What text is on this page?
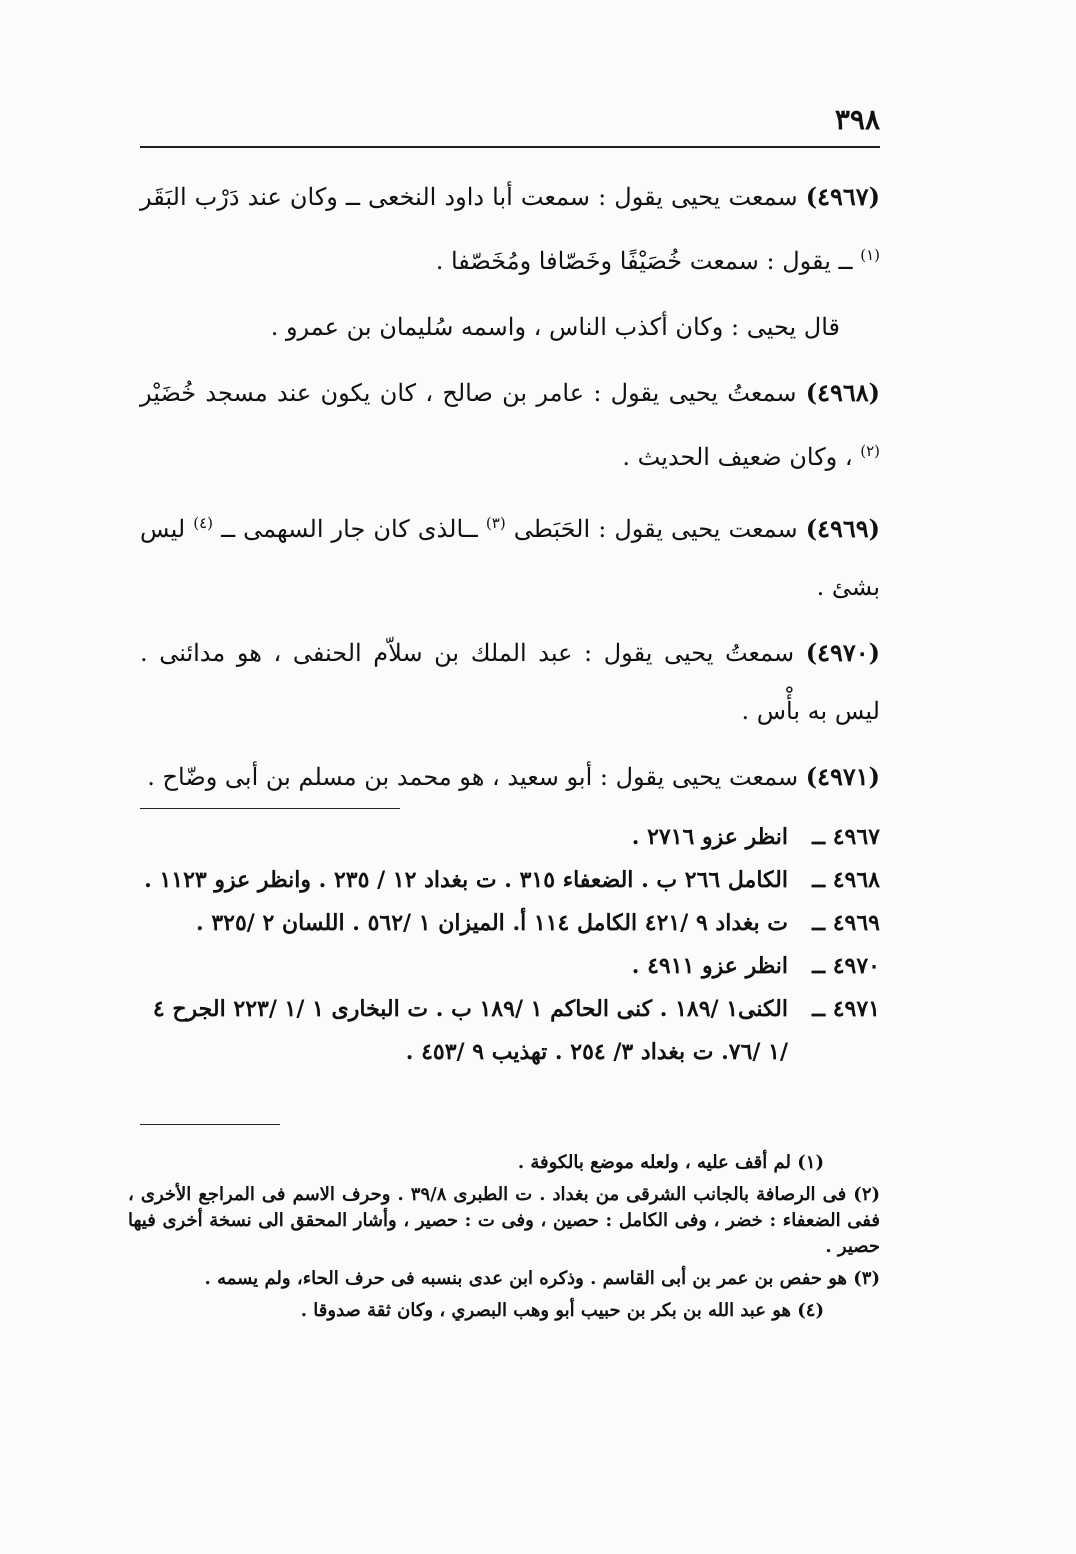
٣٩٨

(٤٩٦٧) سمعت يحيى يقول : سمعت أبا داود النخعى ــ وكان عند دَرْب البَقَر $^{(١)}$ ــ يقول : سمعت خُصَيْفًا وخَصّافا ومُخَصّفا .

قال يحيى : وكان أكذب الناس ، واسمه سُليمان بن عمرو .

(٤٩٦٨) سمعتُ يحيى يقول : عامر بن صالح ، كان يكون عند مسجد خُضَيْر $^{(٢)}$ ، وكان ضعيف الحديث .

(٤٩٦٩) سمعت يحيى يقول : الحَبَطى $^{(٣)}$ ــالذى كان جار السهمى ــ $^{(٤)}$ ليس بشئ .

(٤٩٧٠) سمعتُ يحيى يقول : عبد الملك بن سلاّم الحنفى ، هو مدائنى . ليس به بأْس .

(٤٩٧١) سمعت يحيى يقول : أبو سعيد ، هو محمد بن مسلم بن أبى وضّاح .

٤٩٦٧ ــانظر عزو ٢٧١٦ .
٤٩٦٨ ــالكامل ٢٦٦ ب . الضعفاء ٣١٥ . ت بغداد ١٢ / ٢٣٥ . وانظر عزو ١١٢٣ .
٤٩٦٩ ــت بغداد ٩ /٤٢١ الكامل ١١٤ أ. الميزان ١ /٥٦٢ . اللسان ٢ /٣٢٥ .
٤٩٧٠ ــانظر عزو ٤٩١١ .
٤٩٧١ ــالكنى١ /١٨٩ . كنى الحاكم ١ /١٨٩ ب . ت البخارى ١ /١ /٢٢٣ الجرح ٤ /١ /٧٦. ت بغداد ٣/ ٢٥٤ . تهذيب ٩ /٤٥٣ .
(١) لم أقف عليه ، ولعله موضع بالكوفة .
(٢) فى الرصافة بالجانب الشرقى من بغداد . ت الطبرى ٣٩/٨ . وحرف الاسم فى المراجع الأخرى ، ففى الضعفاء : خضر ، وفى الكامل : حصين ، وفى ت : حصير ، وأشار المحقق الى نسخة أخرى فيها حصير .
(٣) هو حفص بن عمر بن أبى القاسم . وذكره ابن عدى بنسبه فى حرف الحاء، ولم يسمه .
(٤) هو عبد الله بن بكر بن حبيب أبو وهب البصري ، وكان ثقة صدوقا .
